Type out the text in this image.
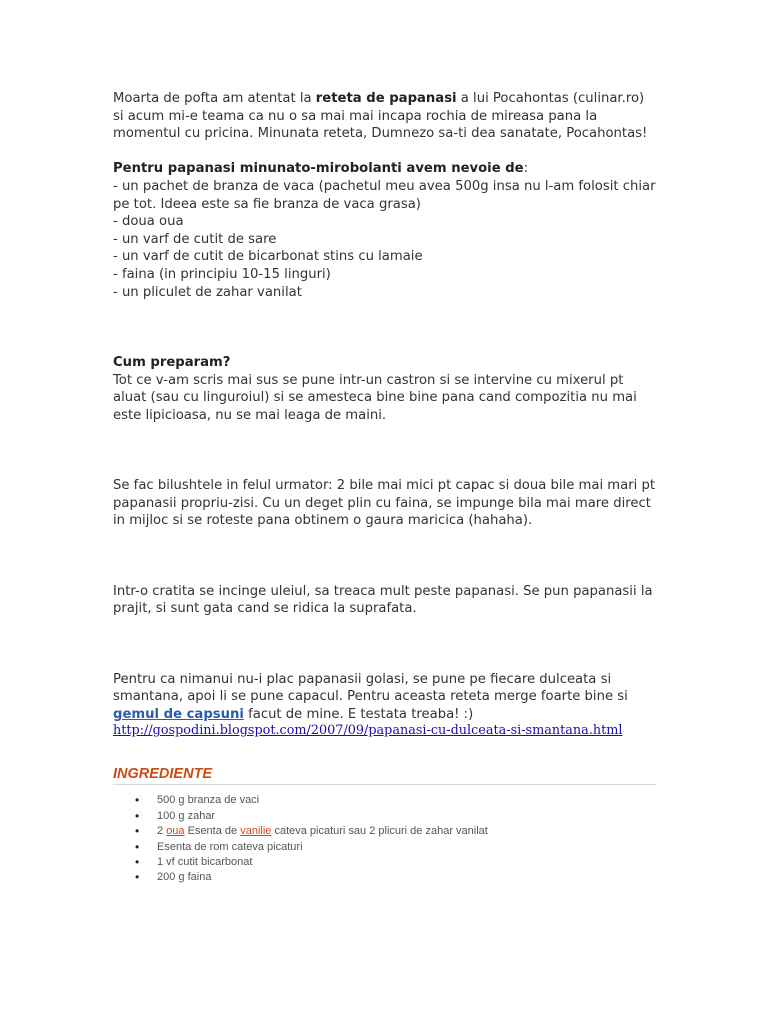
Moarta de pofta am atentat la reteta de papanasi a lui Pocahontas (culinar.ro) si acum mi-e teama ca nu o sa mai mai incapa rochia de mireasa pana la momentul cu pricina. Minunata reteta, Dumnezo sa-ti dea sanatate, Pocahontas!

Pentru papanasi minunato-mirobolanti avem nevoie de:

- un pachet de branza de vaca (pachetul meu avea 500g insa nu l-am folosit chiar pe tot. Ideea este sa fie branza de vaca grasa)
- doua oua
- un varf de cutit de sare
- un varf de cutit de bicarbonat stins cu lamaie
- faina (in principiu 10-15 linguri)
- un pliculet de zahar vanilat

Cum preparam?

Tot ce v-am scris mai sus se pune intr-un castron si se intervine cu mixerul pt aluat (sau cu linguroiul) si se amesteca bine bine pana cand compozitia nu mai este lipicioasa, nu se mai leaga de maini.

Se fac bilushtele in felul urmator: 2 bile mai mici pt capac si doua bile mai mari pt papanasii propriu-zisi. Cu un deget plin cu faina, se impunge bila mai mare direct in mijloc si se roteste pana obtinem o gaura maricica (hahaha).

Intr-o cratita se incinge uleiul, sa treaca mult peste papanasi. Se pun papanasii la prajit, si sunt gata cand se ridica la suprafata.

Pentru ca nimanui nu-i plac papanasii golasi, se pune pe fiecare dulceata si smantana, apoi li se pune capacul. Pentru aceasta reteta merge foarte bine si gemul de capsuni facut de mine. E testata treaba! :)

http://gospodini.blogspot.com/2007/09/papanasi-cu-dulceata-si-smantana.html
INGREDIENTE
• 500 g branza de vaci
• 100 g zahar
• 2 oua Esenta de vanilie cateva picaturi sau 2 plicuri de zahar vanilat
• Esenta de rom cateva picaturi
• 1 vf cutit bicarbonat
• 200 g faina
